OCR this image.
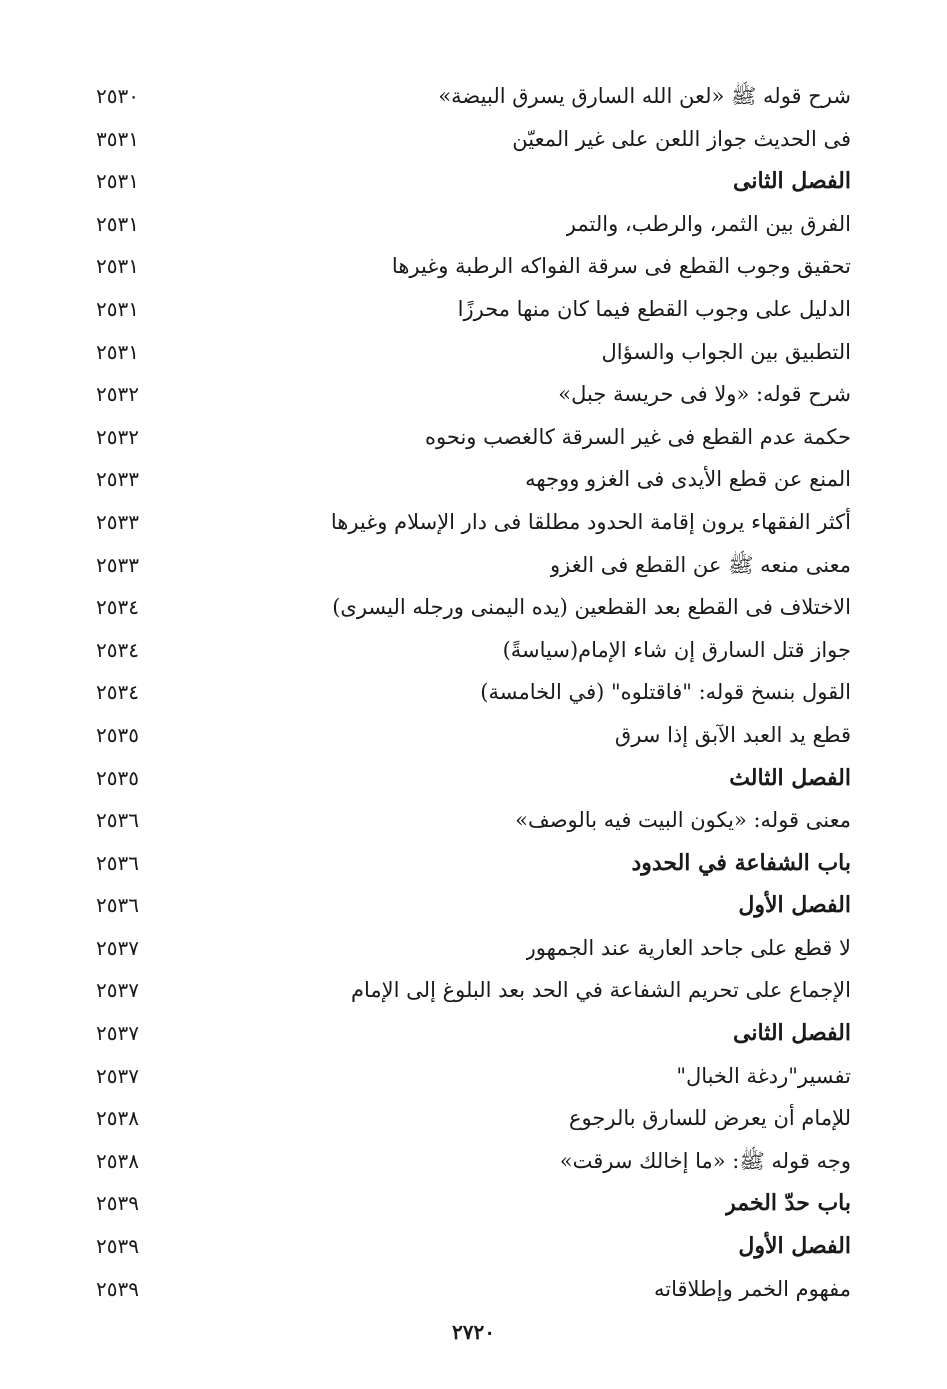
شرح قوله ﷺ «لعن الله السارق يسرق البيضة»
٢٥٣٠
فى الحديث جواز اللعن على غير المعيّن
٣٥٣١
الفصل الثانى
٢٥٣١
الفرق بين الثمر، والرطب، والتمر
٢٥٣١
تحقيق وجوب القطع فى سرقة الفواكه الرطبة وغيرها
٢٥٣١
الدليل على وجوب القطع فيما كان منها محرزًا
٢٥٣١
التطبيق بين الجواب والسؤال
٢٥٣١
شرح قوله: «ولا فى حريسة جبل»
٢٥٣٢
حكمة عدم القطع فى غير السرقة كالغصب ونحوه
٢٥٣٢
المنع عن قطع الأيدى فى الغزو ووجهه
٢٥٣٣
أكثر الفقهاء يرون إقامة الحدود مطلقا فى دار الإسلام وغيرها
٢٥٣٣
معنى منعه ﷺ عن القطع فى الغزو
٢٥٣٣
الاختلاف فى القطع بعد القطعين (يده اليمنى ورجله اليسرى)
٢٥٣٤
جواز قتل السارق إن شاء الإمام(سياسةً)
٢٥٣٤
القول بنسخ قوله: "فاقتلوه" (في الخامسة)
٢٥٣٤
قطع يد العبد الآبق إذا سرق
٢٥٣٥
الفصل الثالث
٢٥٣٥
معنى قوله: «يكون البيت فيه بالوصف»
٢٥٣٦
باب الشفاعة في الحدود
٢٥٣٦
الفصل الأول
٢٥٣٦
لا قطع على جاحد العارية عند الجمهور
٢٥٣٧
الإجماع على تحريم الشفاعة في الحد بعد البلوغ إلى الإمام
٢٥٣٧
الفصل الثانى
٢٥٣٧
تفسير"ردغة الخبال"
٢٥٣٧
للإمام أن يعرض للسارق بالرجوع
٢٥٣٨
وجه قوله ﷺ: «ما إخالك سرقت»
٢٥٣٨
باب حدّ الخمر
٢٥٣٩
الفصل الأول
٢٥٣٩
مفهوم الخمر وإطلاقاته
٢٥٣٩
٢٧٢٠
